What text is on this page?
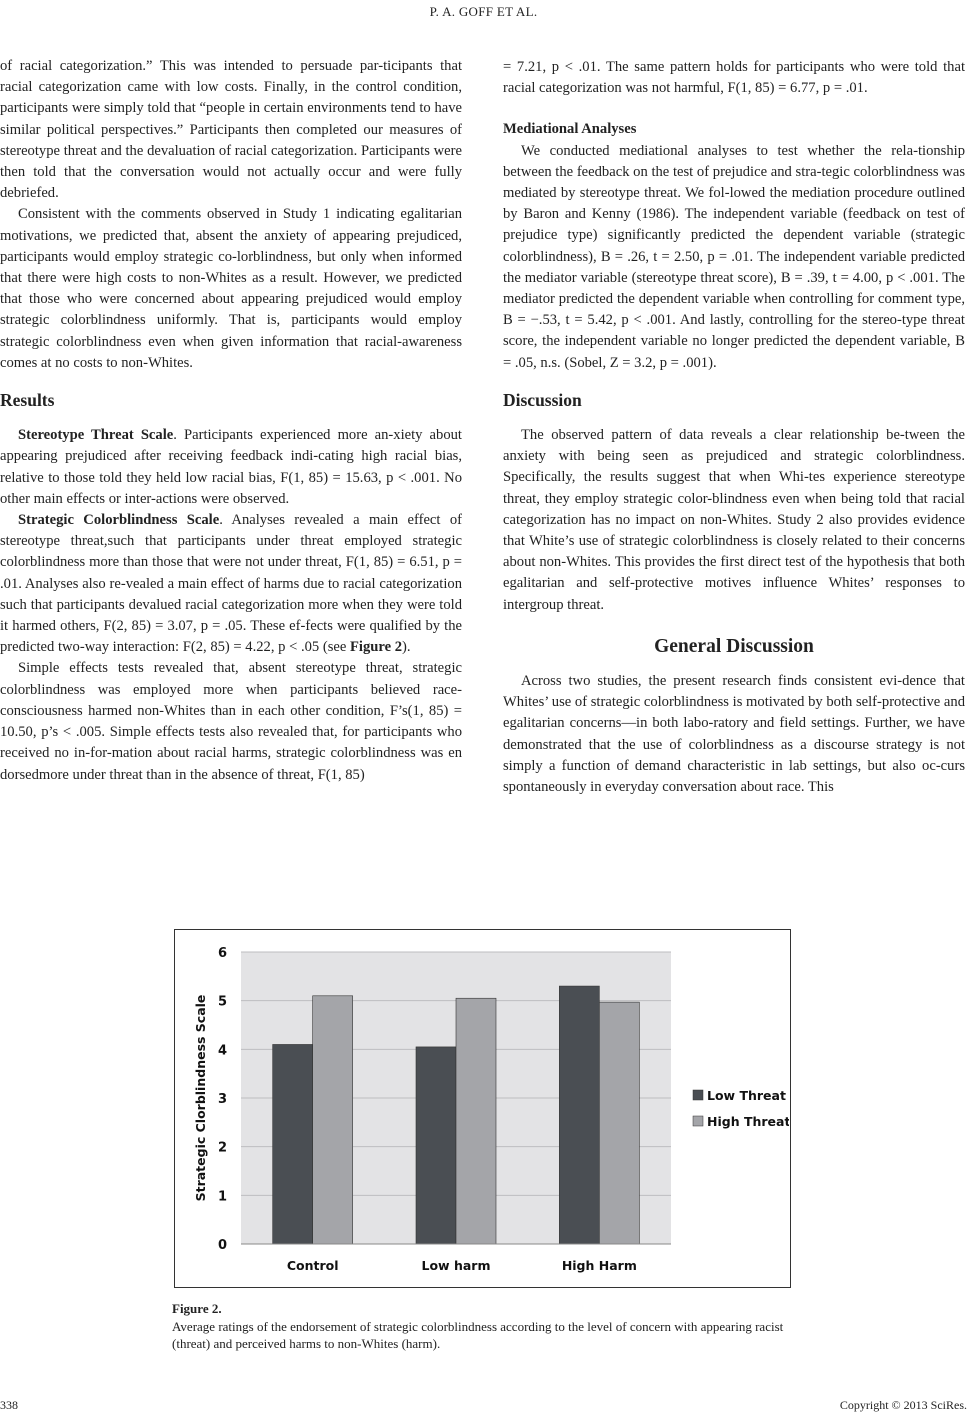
P. A. GOFF ET AL.

of racial categorization.” This was intended to persuade par-ticipants that racial categorization came with low costs. Finally, in the control condition, participants were simply told that “people in certain environments tend to have similar political perspectives.” Participants then completed our measures of stereotype threat and the devaluation of racial categorization. Participants were then told that the conversation would not actually occur and were fully debriefed.

Consistent with the comments observed in Study 1 indicating egalitarian motivations, we predicted that, absent the anxiety of appearing prejudiced, participants would employ strategic co-lorblindness, but only when informed that there were high costs to non-Whites as a result. However, we predicted that those who were concerned about appearing prejudiced would employ strategic colorblindness uniformly. That is, participants would employ strategic colorblindness even when given information that racial-awareness comes at no costs to non-Whites.

Results

Stereotype Threat Scale. Participants experienced more an-xiety about appearing prejudiced after receiving feedback indi-cating high racial bias, relative to those told they held low racial bias, F(1, 85) = 15.63, p < .001. No other main effects or inter-actions were observed.

Strategic Colorblindness Scale. Analyses revealed a main effect of stereotype threat,such that participants under threat employed strategic colorblindness more than those that were not under threat, F(1, 85) = 6.51, p = .01. Analyses also re-vealed a main effect of harms due to racial categorization such that participants devalued racial categorization more when they were told it harmed others, F(2, 85) = 3.07, p = .05. These ef-fects were qualified by the predicted two-way interaction: F(2, 85) = 4.22, p < .05 (see Figure 2).

Simple effects tests revealed that, absent stereotype threat, strategic colorblindness was employed more when participants believed race-consciousness harmed non-Whites than in each other condition, F’s(1, 85) = 10.50, p’s < .005. Simple effects tests also revealed that, for participants who received no in-for-mation about racial harms, strategic colorblindness was en dorsedmore under threat than in the absence of threat, F(1, 85)

= 7.21, p < .01. The same pattern holds for participants who were told that racial categorization was not harmful, F(1, 85) = 6.77, p = .01.

Mediational Analyses

We conducted mediational analyses to test whether the rela-tionship between the feedback on the test of prejudice and stra-tegic colorblindness was mediated by stereotype threat. We fol-lowed the mediation procedure outlined by Baron and Kenny (1986). The independent variable (feedback on test of prejudice type) significantly predicted the dependent variable (strategic colorblindness), B = .26, t = 2.50, p = .01. The independent variable predicted the mediator variable (stereotype threat score), B = .39, t = 4.00, p < .001. The mediator predicted the dependent variable when controlling for comment type, B = −.53, t = 5.42, p < .001. And lastly, controlling for the stereo-type threat score, the independent variable no longer predicted the dependent variable, B = .05, n.s. (Sobel, Z = 3.2, p = .001).

Discussion

The observed pattern of data reveals a clear relationship be-tween the anxiety with being seen as prejudiced and strategic colorblindness. Specifically, the results suggest that when Whi-tes experience stereotype threat, they employ strategic color-blindness even when being told that racial categorization has no impact on non-Whites. Study 2 also provides evidence that White’s use of strategic colorblindness is closely related to their concerns about non-Whites. This provides the first direct test of the hypothesis that both egalitarian and self-protective motives influence Whites’ responses to intergroup threat.

General Discussion

Across two studies, the present research finds consistent evi-dence that Whites’ use of strategic colorblindness is motivated by both self-protective and egalitarian concerns—in both labo-ratory and field settings. Further, we have demonstrated that the use of colorblindness as a discourse strategy is not simply a function of demand characteristic in lab settings, but also oc-curs spontaneously in everyday conversation about race. This

0
1
2
3
4
5
6
Strategic Clorblindness Scale
Control	Low harm	High Harm
Low Threat
High Threat
Figure 2.
Average ratings of the endorsement of strategic colorblindness according to the level of concern with appearing racist (threat) and perceived harms to non-Whites (harm).
338	Copyright © 2013 SciRes.
